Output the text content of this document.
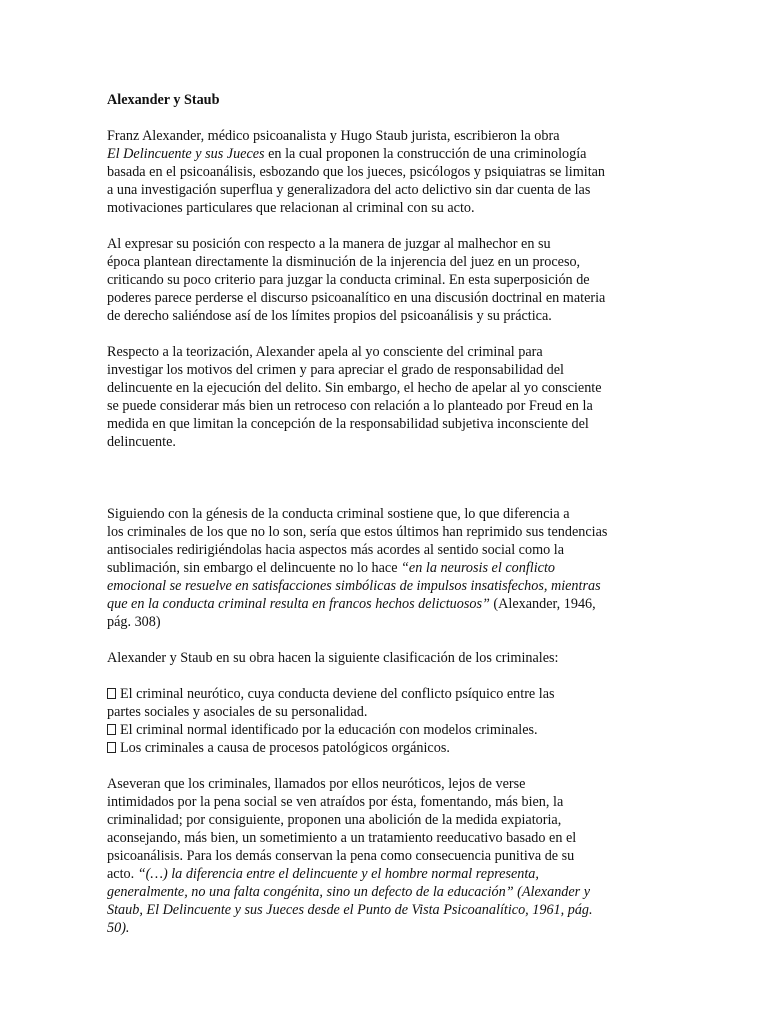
Alexander y Staub

Franz Alexander, médico psicoanalista y Hugo Staub jurista, escribieron la obra
El Delincuente y sus Jueces en la cual proponen la construcción de una criminología
basada en el psicoanálisis, esbozando que los jueces, psicólogos y psiquiatras se limitan
a una investigación superflua y generalizadora del acto delictivo sin dar cuenta de las
motivaciones particulares que relacionan al criminal con su acto.

Al expresar su posición con respecto a la manera de juzgar al malhechor en su
época plantean directamente la disminución de la injerencia del juez en un proceso,
criticando su poco criterio para juzgar la conducta criminal. En esta superposición de
poderes parece perderse el discurso psicoanalítico en una discusión doctrinal en materia
de derecho saliéndose así de los límites propios del psicoanálisis y su práctica.

Respecto a la teorización, Alexander apela al yo consciente del criminal para
investigar los motivos del crimen y para apreciar el grado de responsabilidad del
delincuente en la ejecución del delito. Sin embargo, el hecho de apelar al yo consciente
se puede considerar más bien un retroceso con relación a lo planteado por Freud en la
medida en que limitan la concepción de la responsabilidad subjetiva inconsciente del
delincuente.

Siguiendo con la génesis de la conducta criminal sostiene que, lo que diferencia a
los criminales de los que no lo son, sería que estos últimos han reprimido sus tendencias
antisociales redirigiéndolas hacia aspectos más acordes al sentido social como la
sublimación, sin embargo el delincuente no lo hace “en la neurosis el conflicto
emocional se resuelve en satisfacciones simbólicas de impulsos insatisfechos, mientras
que en la conducta criminal resulta en francos hechos delictuosos” (Alexander, 1946,
pág. 308)

Alexander y Staub en su obra hacen la siguiente clasificación de los criminales:

El criminal neurótico, cuya conducta deviene del conflicto psíquico entre las
partes sociales y asociales de su personalidad.
El criminal normal identificado por la educación con modelos criminales.
Los criminales a causa de procesos patológicos orgánicos.

Aseveran que los criminales, llamados por ellos neuróticos, lejos de verse
intimidados por la pena social se ven atraídos por ésta, fomentando, más bien, la
criminalidad; por consiguiente, proponen una abolición de la medida expiatoria,
aconsejando, más bien, un sometimiento a un tratamiento reeducativo basado en el
psicoanálisis. Para los demás conservan la pena como consecuencia punitiva de su
acto. “(…) la diferencia entre el delincuente y el hombre normal representa,
generalmente, no una falta congénita, sino un defecto de la educación” (Alexander y
Staub, El Delincuente y sus Jueces desde el Punto de Vista Psicoanalítico, 1961, pág.
50).
